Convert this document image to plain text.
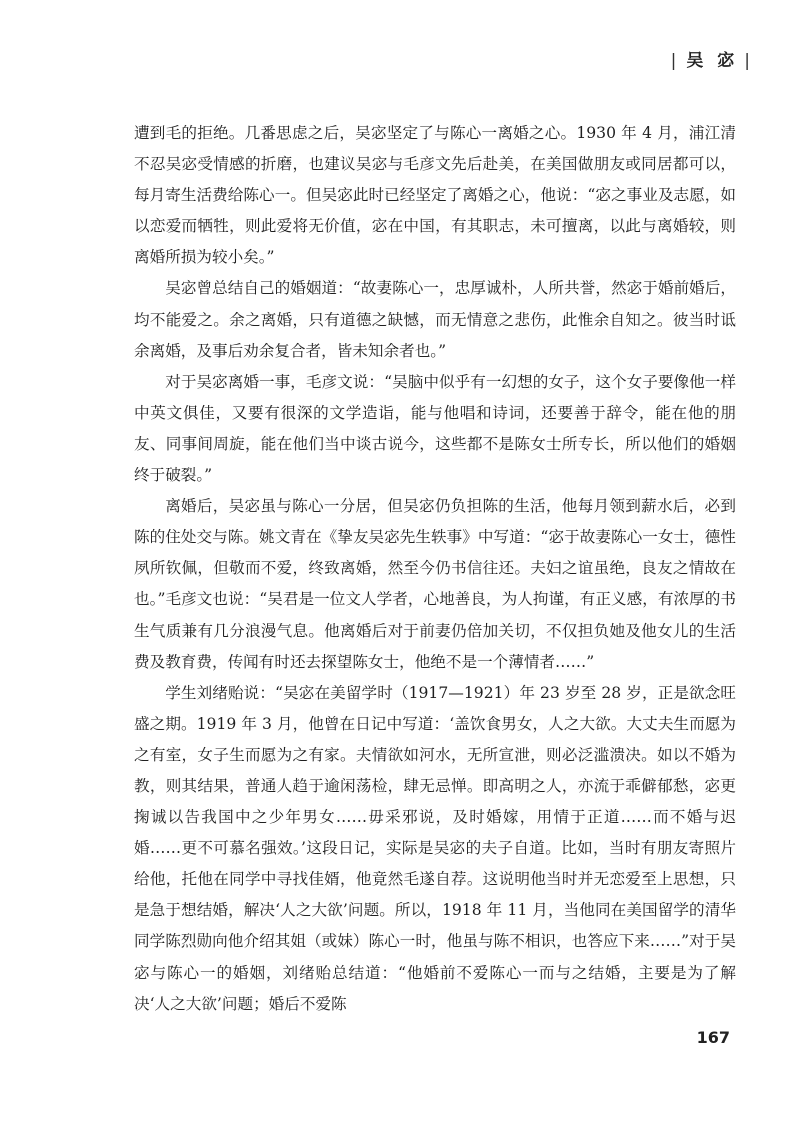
| 吴 宓 |

遭到毛的拒绝。几番思虑之后，吴宓坚定了与陈心一离婚之心。1930 年 4 月，浦江清不忍吴宓受情感的折磨，也建议吴宓与毛彦文先后赴美，在美国做朋友或同居都可以，每月寄生活费给陈心一。但吴宓此时已经坚定了离婚之心，他说：“宓之事业及志愿，如以恋爱而牺牲，则此爱将无价值，宓在中国，有其职志，未可擅离，以此与离婚较，则离婚所损为较小矣。”

吴宓曾总结自己的婚姻道：“故妻陈心一，忠厚诚朴，人所共誉，然宓于婚前婚后，均不能爱之。余之离婚，只有道德之缺憾，而无情意之悲伤，此惟余自知之。彼当时诋余离婚，及事后劝余复合者，皆未知余者也。”

对于吴宓离婚一事，毛彦文说：“吴脑中似乎有一幻想的女子，这个女子要像他一样中英文俱佳，又要有很深的文学造诣，能与他唱和诗词，还要善于辞令，能在他的朋友、同事间周旋，能在他们当中谈古说今，这些都不是陈女士所专长，所以他们的婚姻终于破裂。”

离婚后，吴宓虽与陈心一分居，但吴宓仍负担陈的生活，他每月领到薪水后，必到陈的住处交与陈。姚文青在《挚友吴宓先生轶事》中写道：“宓于故妻陈心一女士，德性夙所钦佩，但敬而不爱，终致离婚，然至今仍书信往还。夫妇之谊虽绝，良友之情故在也。”毛彦文也说：“吴君是一位文人学者，心地善良，为人拘谨，有正义感，有浓厚的书生气质兼有几分浪漫气息。他离婚后对于前妻仍倍加关切，不仅担负她及他女儿的生活费及教育费，传闻有时还去探望陈女士，他绝不是一个薄情者……”

学生刘绪贻说：“吴宓在美留学时（1917—1921）年 23 岁至 28 岁，正是欲念旺盛之期。1919 年 3 月，他曾在日记中写道：‘盖饮食男女，人之大欲。大丈夫生而愿为之有室，女子生而愿为之有家。夫情欲如河水，无所宣泄，则必泛滥溃决。如以不婚为教，则其结果，普通人趋于逾闲荡检，肆无忌惮。即高明之人，亦流于乖僻郁愁，宓更掬诚以告我国中之少年男女……毋采邪说，及时婚嫁，用情于正道……而不婚与迟婚……更不可慕名强效。’这段日记，实际是吴宓的夫子自道。比如，当时有朋友寄照片给他，托他在同学中寻找佳婿，他竟然毛遂自荐。这说明他当时并无恋爱至上思想，只是急于想结婚，解决‘人之大欲’问题。所以，1918 年 11 月，当他同在美国留学的清华同学陈烈勋向他介绍其姐（或妹）陈心一时，他虽与陈不相识，也答应下来……”对于吴宓与陈心一的婚姻，刘绪贻总结道：“他婚前不爱陈心一而与之结婚，主要是为了解决‘人之大欲’问题；婚后不爱陈

167
